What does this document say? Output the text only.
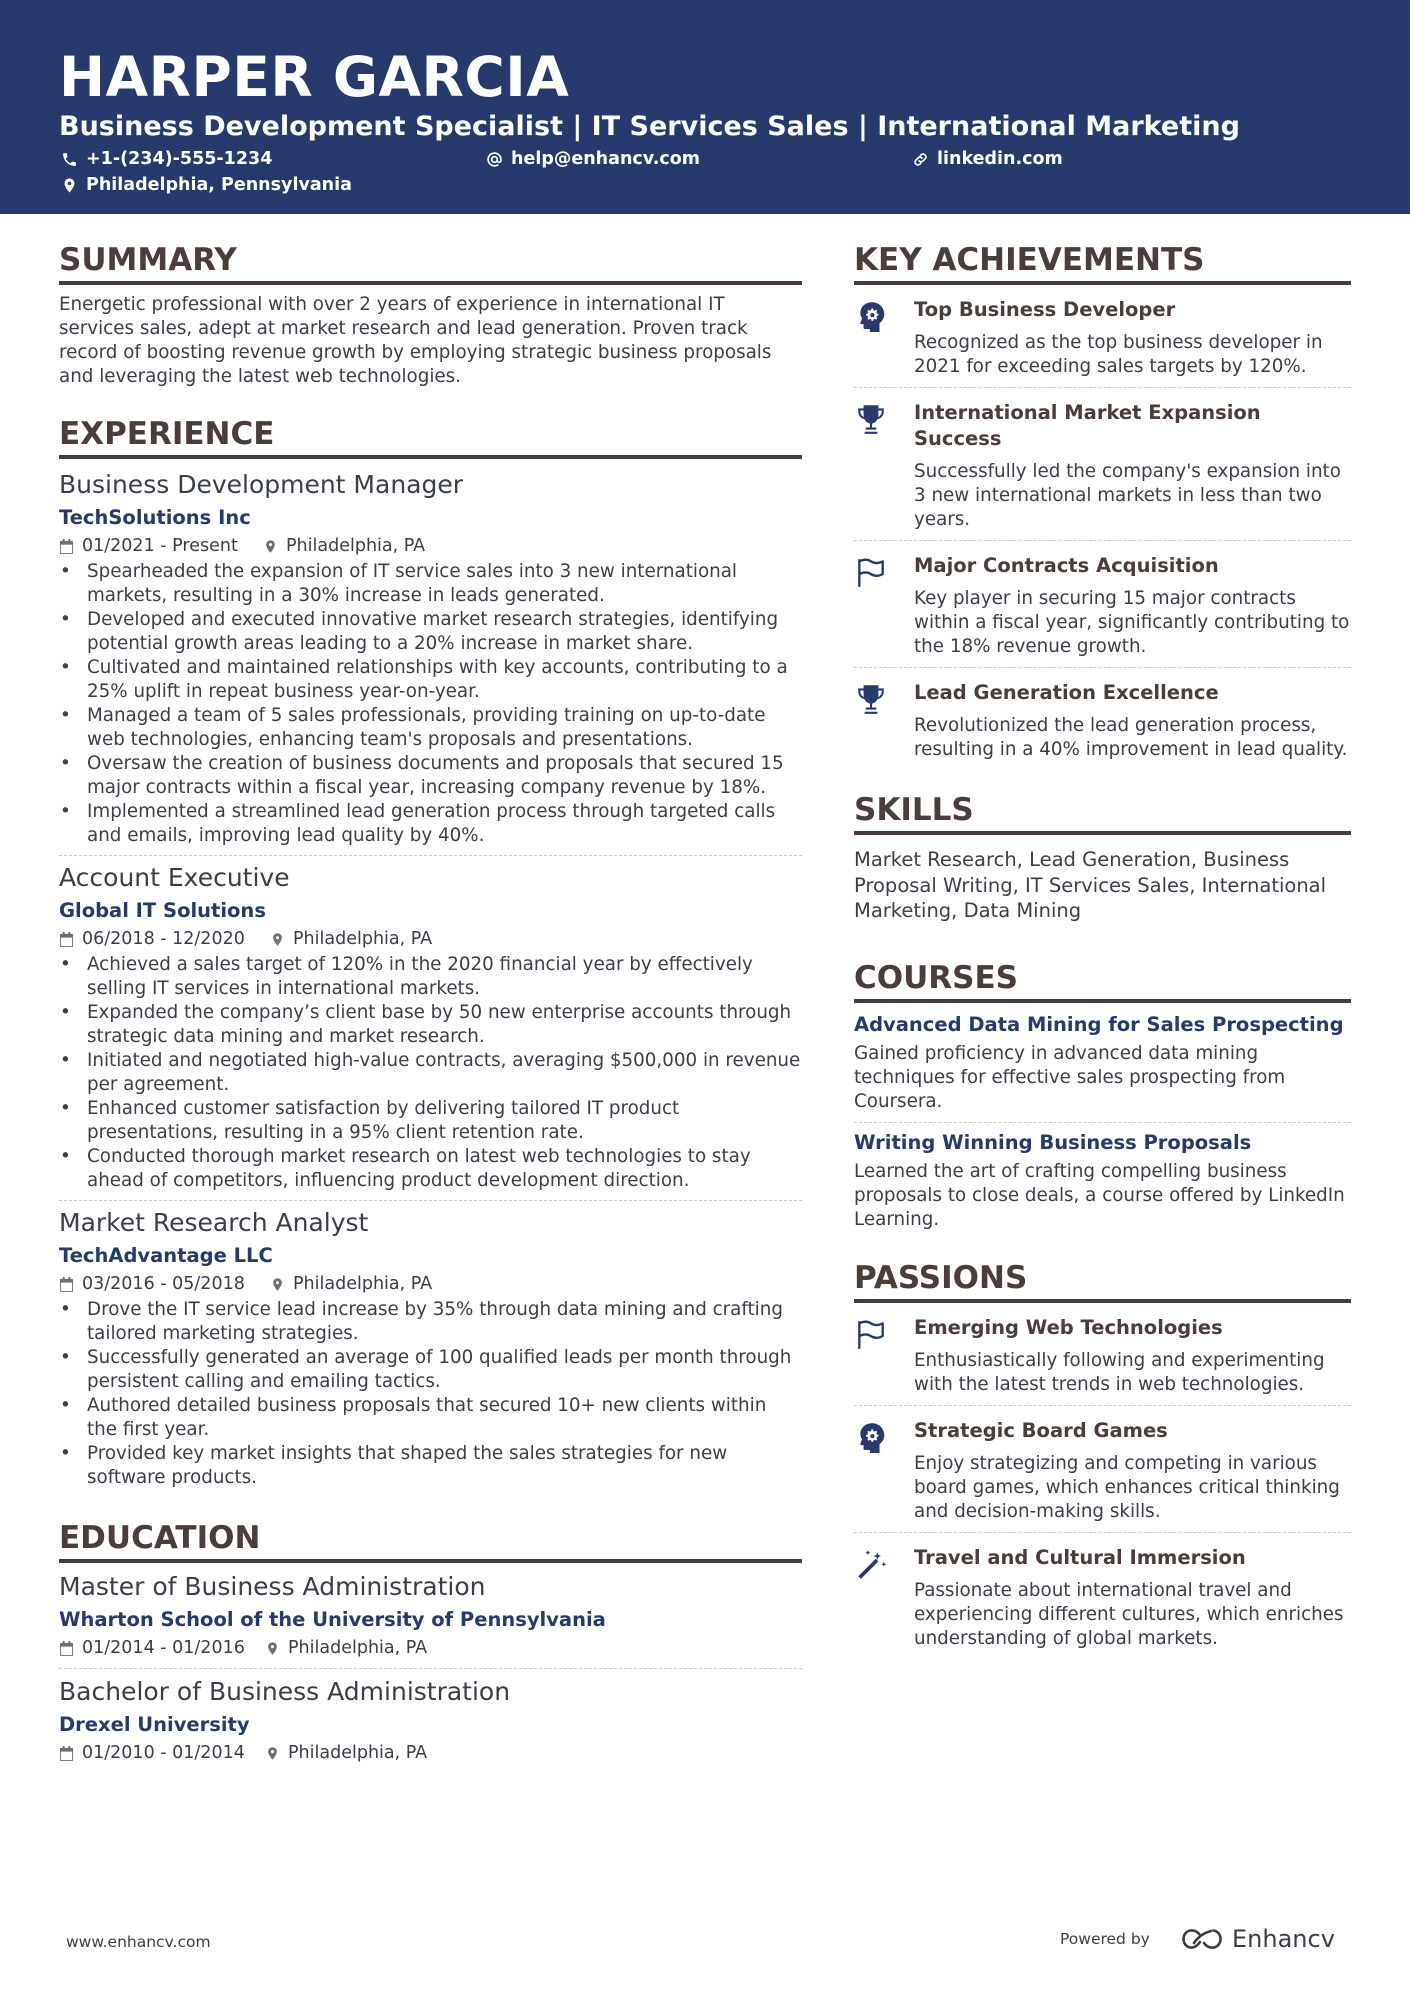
HARPER GARCIA
Business Development Specialist | IT Services Sales | International Marketing
+1-(234)-555-1234	help@enhancv.com	linkedin.com
Philadelphia, Pennsylvania
SUMMARY
Energetic professional with over 2 years of experience in international IT services sales, adept at market research and lead generation. Proven track record of boosting revenue growth by employing strategic business proposals and leveraging the latest web technologies.
EXPERIENCE
Business Development Manager
TechSolutions Inc
01/2021 - Present	Philadelphia, PA
• Spearheaded the expansion of IT service sales into 3 new international markets, resulting in a 30% increase in leads generated.
• Developed and executed innovative market research strategies, identifying potential growth areas leading to a 20% increase in market share.
• Cultivated and maintained relationships with key accounts, contributing to a 25% uplift in repeat business year-on-year.
• Managed a team of 5 sales professionals, providing training on up-to-date web technologies, enhancing team's proposals and presentations.
• Oversaw the creation of business documents and proposals that secured 15 major contracts within a fiscal year, increasing company revenue by 18%.
• Implemented a streamlined lead generation process through targeted calls and emails, improving lead quality by 40%.
Account Executive
Global IT Solutions
06/2018 - 12/2020	Philadelphia, PA
• Achieved a sales target of 120% in the 2020 financial year by effectively selling IT services in international markets.
• Expanded the company’s client base by 50 new enterprise accounts through strategic data mining and market research.
• Initiated and negotiated high-value contracts, averaging $500,000 in revenue per agreement.
• Enhanced customer satisfaction by delivering tailored IT product presentations, resulting in a 95% client retention rate.
• Conducted thorough market research on latest web technologies to stay ahead of competitors, influencing product development direction.
Market Research Analyst
TechAdvantage LLC
03/2016 - 05/2018	Philadelphia, PA
• Drove the IT service lead increase by 35% through data mining and crafting tailored marketing strategies.
• Successfully generated an average of 100 qualified leads per month through persistent calling and emailing tactics.
• Authored detailed business proposals that secured 10+ new clients within the first year.
• Provided key market insights that shaped the sales strategies for new software products.
EDUCATION
Master of Business Administration
Wharton School of the University of Pennsylvania
01/2014 - 01/2016 Philadelphia, PA
Bachelor of Business Administration
Drexel University
01/2010 - 01/2014 Philadelphia, PA
KEY ACHIEVEMENTS
Top Business Developer
Recognized as the top business developer in 2021 for exceeding sales targets by 120%.
International Market Expansion Success
Successfully led the company's expansion into 3 new international markets in less than two years.
Major Contracts Acquisition
Key player in securing 15 major contracts within a fiscal year, significantly contributing to the 18% revenue growth.
Lead Generation Excellence
Revolutionized the lead generation process, resulting in a 40% improvement in lead quality.
SKILLS
Market Research, Lead Generation, Business Proposal Writing, IT Services Sales, International Marketing, Data Mining
COURSES
Advanced Data Mining for Sales Prospecting
Gained proficiency in advanced data mining techniques for effective sales prospecting from Coursera.
Writing Winning Business Proposals
Learned the art of crafting compelling business proposals to close deals, a course offered by LinkedIn Learning.
PASSIONS
Emerging Web Technologies
Enthusiastically following and experimenting with the latest trends in web technologies.
Strategic Board Games
Enjoy strategizing and competing in various board games, which enhances critical thinking and decision-making skills.
Travel and Cultural Immersion
Passionate about international travel and experiencing different cultures, which enriches understanding of global markets.
www.enhancv.com	Powered by	Enhancv
